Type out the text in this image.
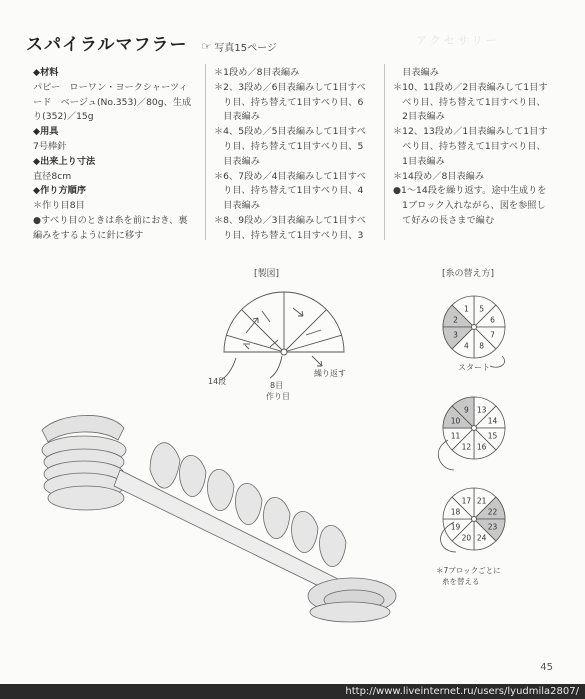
スパイラルマフラー ☞ 写真15ページ
アクセサリー
◆材料
パピー　ローワン・ヨークシャーツィ
ード　ベージュ(No.353)／80g、生成
り(352)／15g
◆用具
7号棒針
◆出来上り寸法
直径8cm
◆作り方順序
＊作り目8目
●すべり目のときは糸を前におき、裏
編みをするように針に移す
＊1段め／8目表編み
＊2、3段め／6目表編みして1目すべ
　り目、持ち替えて1目すべり目、6
　目表編み
＊4、5段め／5目表編みして1目すべ
　り目、持ち替えて1目すべり目、5
　目表編み
＊6、7段め／4目表編みして1目すべ
　り目、持ち替えて1目すべり目、4
　目表編み
＊8、9段め／3目表編みして1目すべ
　り目、持ち替えて1目すべり目、3
　目表編み
＊10、11段め／2目表編みして1目す
　べり目、持ち替えて1目すべり目、
　2目表編み
＊12、13段め／1目表編みして1目す
　べり目、持ち替えて1目すべり目、
　1目表編み
＊14段め／8目表編み
●1～14段を繰り返す。途中生成りを
　1ブロック入れながら、図を参照し
　て好みの長さまで編む
[製図]	[糸の替え方]
14段	8目
作り目
繰り返す
1
2
3
4
5
6
7
8
9
10
11
12
13
14
15
16
17
18
19
20
21
22
23
24
スタート
＊7ブロックごとに
糸を替える
45
http://www.liveinternet.ru/users/lyudmila2807/
